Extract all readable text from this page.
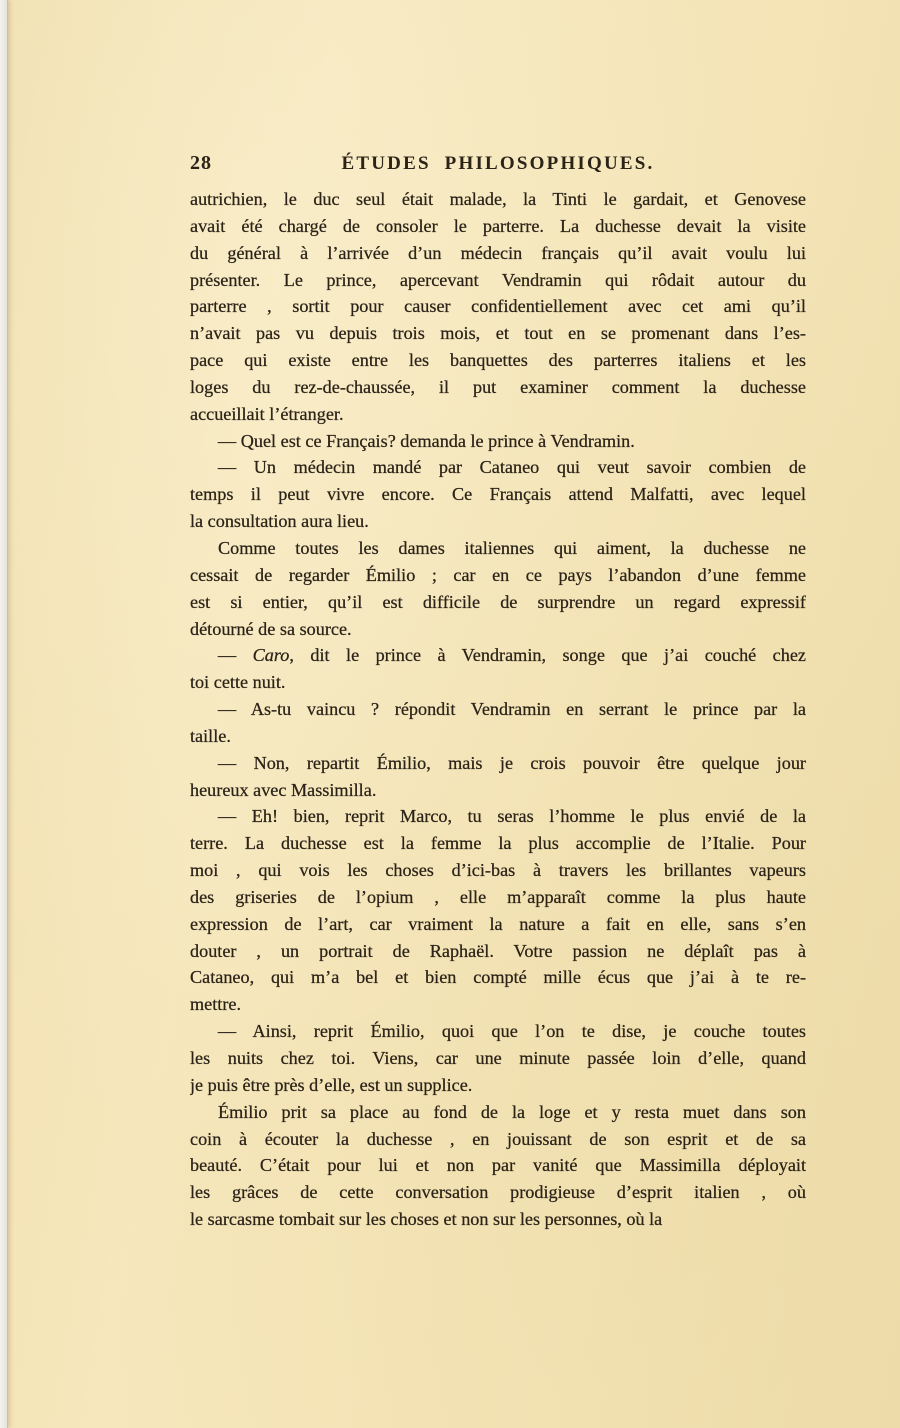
28	ÉTUDES PHILOSOPHIQUES.
autrichien, le duc seul était malade, la Tinti le gardait, et Genovese
avait été chargé de consoler le parterre. La duchesse devait la visite
du général à l’arrivée d’un médecin français qu’il avait voulu lui
présenter. Le prince, apercevant Vendramin qui rôdait autour du
parterre , sortit pour causer confidentiellement avec cet ami qu’il
n’avait pas vu depuis trois mois, et tout en se promenant dans l’es-
pace qui existe entre les banquettes des parterres italiens et les
loges du rez-de-chaussée, il put examiner comment la duchesse
accueillait l’étranger.
— Quel est ce Français? demanda le prince à Vendramin.
— Un médecin mandé par Cataneo qui veut savoir combien de
temps il peut vivre encore. Ce Français attend Malfatti, avec lequel
la consultation aura lieu.
Comme toutes les dames italiennes qui aiment, la duchesse ne
cessait de regarder Émilio ; car en ce pays l’abandon d’une femme
est si entier, qu’il est difficile de surprendre un regard expressif
détourné de sa source.
— Caro, dit le prince à Vendramin, songe que j’ai couché chez
toi cette nuit.
— As-tu vaincu ? répondit Vendramin en serrant le prince par la
taille.
— Non, repartit Émilio, mais je crois pouvoir être quelque jour
heureux avec Massimilla.
— Eh! bien, reprit Marco, tu seras l’homme le plus envié de la
terre. La duchesse est la femme la plus accomplie de l’Italie. Pour
moi , qui vois les choses d’ici-bas à travers les brillantes vapeurs
des griseries de l’opium , elle m’apparaît comme la plus haute
expression de l’art, car vraiment la nature a fait en elle, sans s’en
douter , un portrait de Raphaël. Votre passion ne déplaît pas à
Cataneo, qui m’a bel et bien compté mille écus que j’ai à te re-
mettre.
— Ainsi, reprit Émilio, quoi que l’on te dise, je couche toutes
les nuits chez toi. Viens, car une minute passée loin d’elle, quand
je puis être près d’elle, est un supplice.
Émilio prit sa place au fond de la loge et y resta muet dans son
coin à écouter la duchesse , en jouissant de son esprit et de sa
beauté. C’était pour lui et non par vanité que Massimilla déployait
les grâces de cette conversation prodigieuse d’esprit italien , où
le sarcasme tombait sur les choses et non sur les personnes, où la
